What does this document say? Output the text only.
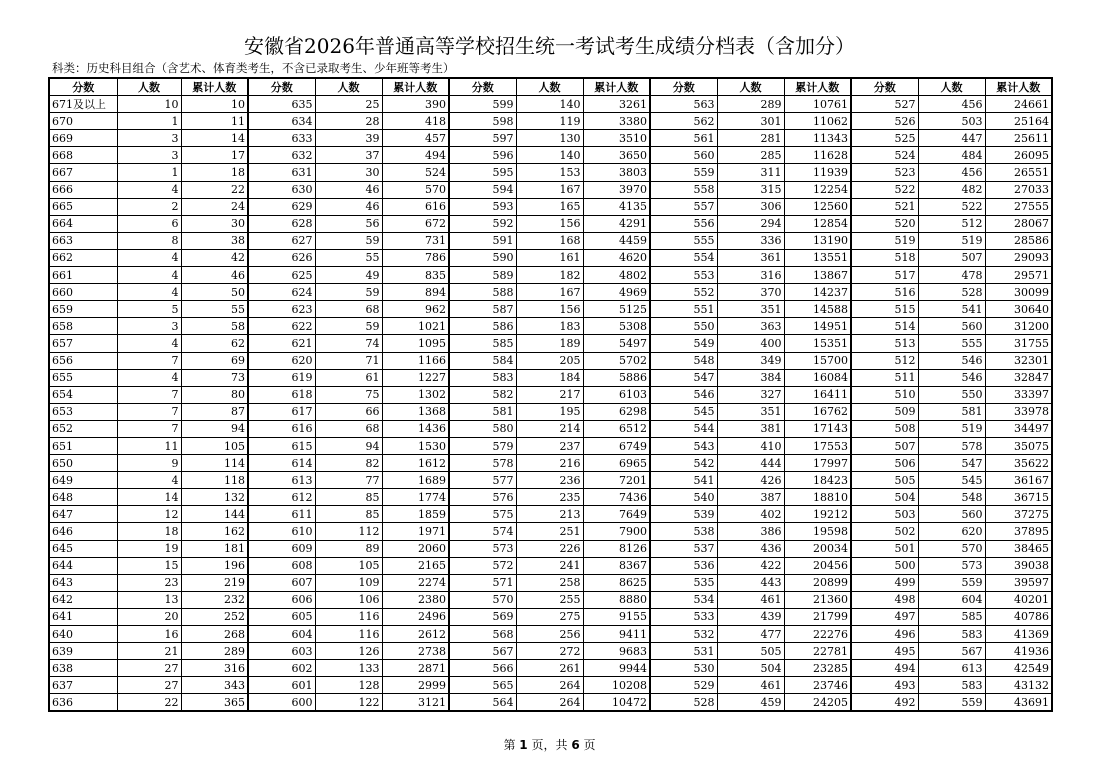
安徽省2026年普通高等学校招生统一考试考生成绩分档表（含加分）
科类：历史科目组合（含艺术、体育类考生，不含已录取考生、少年班等考生）
分数	人数	累计人数	分数	人数	累计人数	分数	人数	累计人数	分数	人数	累计人数	分数	人数	累计人数
671及以上	10	10	635	25	390	599	140	3261	563	289	10761	527	456	24661
670	1	11	634	28	418	598	119	3380	562	301	11062	526	503	25164
669	3	14	633	39	457	597	130	3510	561	281	11343	525	447	25611
668	3	17	632	37	494	596	140	3650	560	285	11628	524	484	26095
667	1	18	631	30	524	595	153	3803	559	311	11939	523	456	26551
666	4	22	630	46	570	594	167	3970	558	315	12254	522	482	27033
665	2	24	629	46	616	593	165	4135	557	306	12560	521	522	27555
664	6	30	628	56	672	592	156	4291	556	294	12854	520	512	28067
663	8	38	627	59	731	591	168	4459	555	336	13190	519	519	28586
662	4	42	626	55	786	590	161	4620	554	361	13551	518	507	29093
661	4	46	625	49	835	589	182	4802	553	316	13867	517	478	29571
660	4	50	624	59	894	588	167	4969	552	370	14237	516	528	30099
659	5	55	623	68	962	587	156	5125	551	351	14588	515	541	30640
658	3	58	622	59	1021	586	183	5308	550	363	14951	514	560	31200
657	4	62	621	74	1095	585	189	5497	549	400	15351	513	555	31755
656	7	69	620	71	1166	584	205	5702	548	349	15700	512	546	32301
655	4	73	619	61	1227	583	184	5886	547	384	16084	511	546	32847
654	7	80	618	75	1302	582	217	6103	546	327	16411	510	550	33397
653	7	87	617	66	1368	581	195	6298	545	351	16762	509	581	33978
652	7	94	616	68	1436	580	214	6512	544	381	17143	508	519	34497
651	11	105	615	94	1530	579	237	6749	543	410	17553	507	578	35075
650	9	114	614	82	1612	578	216	6965	542	444	17997	506	547	35622
649	4	118	613	77	1689	577	236	7201	541	426	18423	505	545	36167
648	14	132	612	85	1774	576	235	7436	540	387	18810	504	548	36715
647	12	144	611	85	1859	575	213	7649	539	402	19212	503	560	37275
646	18	162	610	112	1971	574	251	7900	538	386	19598	502	620	37895
645	19	181	609	89	2060	573	226	8126	537	436	20034	501	570	38465
644	15	196	608	105	2165	572	241	8367	536	422	20456	500	573	39038
643	23	219	607	109	2274	571	258	8625	535	443	20899	499	559	39597
642	13	232	606	106	2380	570	255	8880	534	461	21360	498	604	40201
641	20	252	605	116	2496	569	275	9155	533	439	21799	497	585	40786
640	16	268	604	116	2612	568	256	9411	532	477	22276	496	583	41369
639	21	289	603	126	2738	567	272	9683	531	505	22781	495	567	41936
638	27	316	602	133	2871	566	261	9944	530	504	23285	494	613	42549
637	27	343	601	128	2999	565	264	10208	529	461	23746	493	583	43132
636	22	365	600	122	3121	564	264	10472	528	459	24205	492	559	43691
第 1 页，共 6 页
